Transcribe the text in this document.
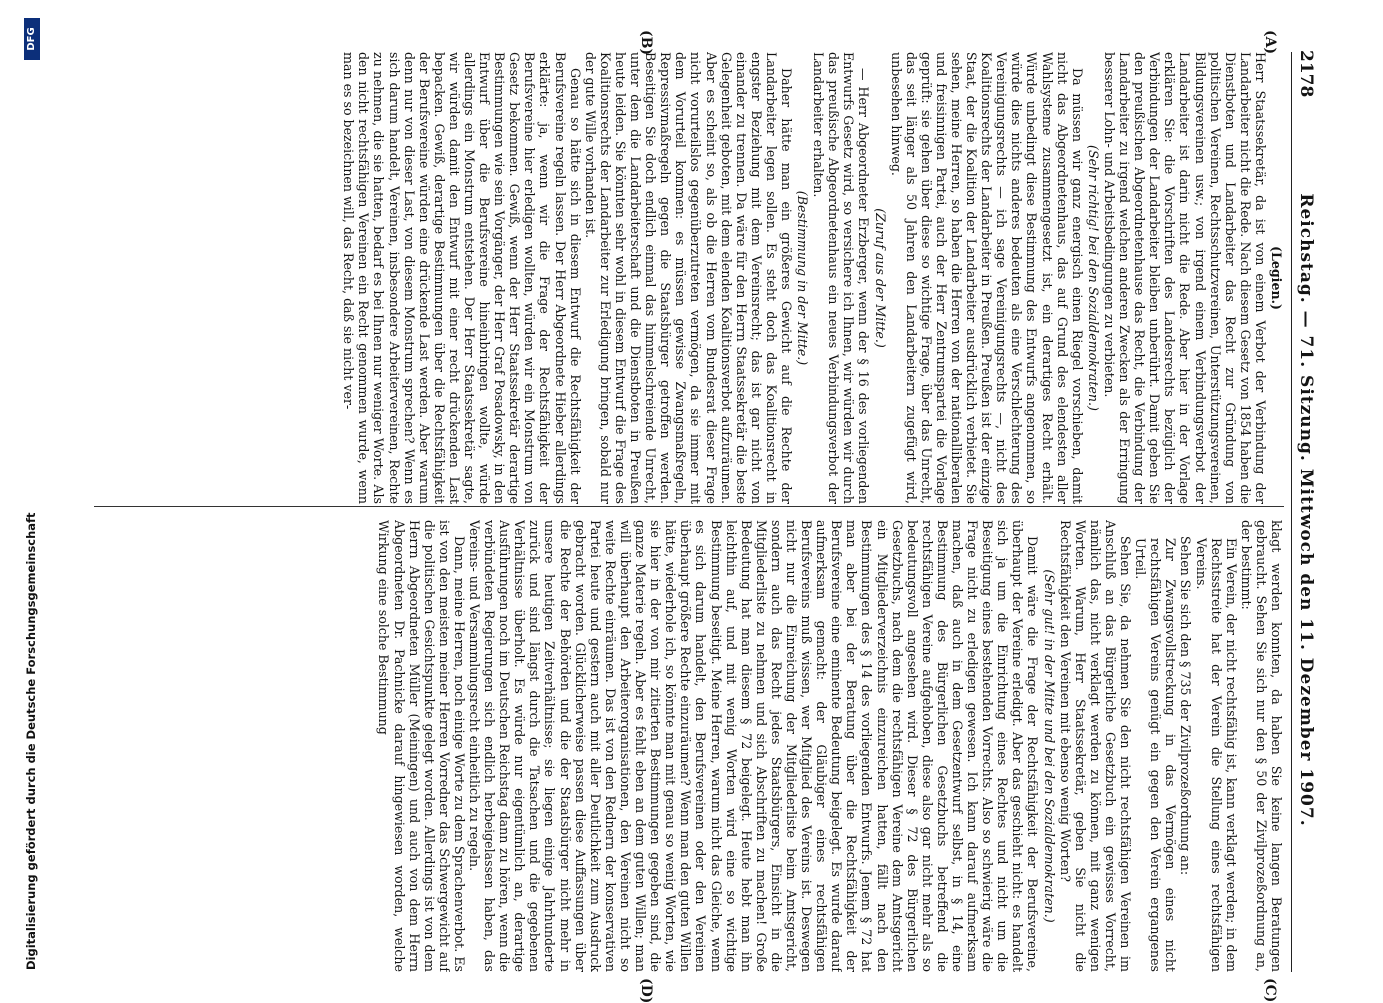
2178
Reichstag. — 71. Sitzung. Mittwoch den 11. Dezember 1907.
(A)
(B)
(C)
(D)

(Legien.)

Herr Staatssekretär, da ist von einem Verbot der Verbindung der Landarbeiter nicht die Rede. Nach diesem Gesetz von 1854 haben die Dienstboten und Landarbeiter das Recht zur Gründung von politischen Vereinen, Rechtsschutzvereinen, Unterstützungsvereinen, Bildungsvereinen usw.; von irgend einem Verbindungsverbot der Landarbeiter ist darin nicht die Rede. Aber hier in der Vorlage erklären Sie: die Vorschriften des Landesrechts bezüglich der Verbindungen der Landarbeiter bleiben unberührt. Damit geben Sie den preußischen Abgeordnetenhause das Recht, die Verbindung der Landarbeiter zu irgend welchen anderen Zwecken als der Erringung besserer Lohn- und Arbeitsbedingungen zu verbieten.

(Sehr richtig! bei den Sozialdemokraten.)

Da müssen wir ganz energisch einen Riegel vorschieben, damit nicht das Abgeordnetenhaus, das auf Grund des elendesten aller Wahlsysteme zusammengesetzt ist, ein derartiges Recht erhält. Würde unbedingt diese Bestimmung des Entwurfs angenommen, so würde dies nichts anderes bedeuten als eine Verschlechterung des Vereinigungsrechts — ich sage Vereinigungsrechts —, nicht des Koalitionsrechts der Landarbeiter in Preußen. Preußen ist der einzige Staat, der die Koalition der Landarbeiter ausdrücklich verbietet. Sie sehen, meine Herren, so haben die Herren von der nationalliberalen und freisinnigen Partei, auch der Herr Zentrumspartei die Vorlage geprüft: sie gehen über diese so wichtige Frage, über das Unrecht, das seit länger als 50 Jahren den Landarbeitern zugefügt wird, unbesehen hinweg.

(Zuruf aus der Mitte.)

— Herr Abgeordneter Erzberger, wenn der § 16 des vorliegenden Entwurfs Gesetz wird, so versichere ich Ihnen, wir würden wir durch das preußische Abgeordnetenhaus ein neues Verbindungsverbot der Landarbeiter erhalten.

(Bestimmung in der Mitte.)

Daher hätte man ein größeres Gewicht auf die Rechte der Landarbeiter legen sollen. Es steht doch das Koalitionsrecht in engster Beziehung mit dem Vereinsrecht; das ist gar nicht von einander zu trennen. Da wäre für den Herrn Staatssekretär die beste Gelegenheit geboten, mit dem elenden Koalitionsverbot aufzuräumen. Aber es scheint so, als ob die Herren vom Bundesrat dieser Frage nicht vorurteilslos gegenüberzutreten vermögen, da sie immer mit dem Vorurteil kommen: es müssen gewisse Zwangsmaßregeln, Repressivmaßregeln gegen die Staatsbürger getroffen werden. Beseitigen Sie doch endlich einmal das himmelschreiende Unrecht, unter dem die Landarbeiterschaft und die Dienstboten in Preußen heute leiden. Sie könnten sehr wohl in diesem Entwurf die Frage des Koalitionsrechts der Landarbeiter zur Erledigung bringen, sobald nur der gute Wille vorhanden ist.

Genau so hätte sich in diesem Entwurf die Rechtsfähigkeit der Berufsvereine regeln lassen. Der Herr Abgeordnete Hieber allerdings erklärte: ja, wenn wir die Frage der Rechtsfähigkeit der Berufsvereine hier erledigen wollten, würden wir ein Monstrum von Gesetz bekommen. Gewiß, wenn der Herr Staatssekretär derartige Bestimmungen wie sein Vorgänger, der Herr Graf Posadowsky, in den Entwurf über die Berufsvereine hineinbringen wollte, würde allerdings ein Monstrum entstehen. Der Herr Staatssekretär sagte, wir würden damit den Entwurf mit einer recht drückenden Last bepacken. Gewiß, derartige Bestimmungen über die Rechtsfähigkeit der Berufsvereine würden eine drückende Last werden. Aber warum denn nur von dieser Last, von diesem Monstrum sprechen? Wenn es sich darum handelt, Vereinen, insbesondere Arbeitervereinen, Rechte zu nehmen, die sie hatten, bedarf es bei Ihnen nur weniger Worte. Als den nicht rechtsfähigen Vereinen ein Recht genommen wurde, wenn man es so bezeichnen will, das Recht, daß sie nicht ver-

klagt werden konnten, da haben Sie keine langen Beratungen gebraucht. Sehen Sie sich nur den § 50 der Zivilprozeßordnung an, der bestimmt:

Ein Verein, der nicht rechtsfähig ist, kann verklagt werden; in dem Rechtsstreite hat der Verein die Stellung eines rechtsfähigen Vereins.

Sehen Sie sich den § 735 der Zivilprozeßordnung an:

Zur Zwangsvollstreckung in das Vermögen eines nicht rechtsfähigen Vereins genügt ein gegen den Verein ergangenes Urteil.

Sehen Sie, da nehmen Sie den nicht rechtsfähigen Vereinen im Anschluß an das Bürgerliche Gesetzbuch ein gewisses Vorrecht, nämlich das, nicht verklagt werden zu können, mit ganz wenigen Worten. Warum, Herr Staatssekretär, geben Sie nicht die Rechtsfähigkeit den Vereinen mit ebenso wenig Worten?

(Sehr gut! in der Mitte und bei den Sozialdemokraten.)

Damit wäre die Frage der Rechtsfähigkeit der Berufsvereine, überhaupt der Vereine erledigt. Aber das geschieht nicht: es handelt sich ja um die Einrichtung eines Rechtes und nicht um die Beseitigung eines bestehenden Vorrechts. Also so schwierig wäre die Frage nicht zu erledigen gewesen. Ich kann darauf aufmerksam machen, daß auch in dem Gesetzentwurf selbst, in § 14, eine Bestimmung des Bürgerlichen Gesetzbuchs betreffend die rechtsfähigen Vereine aufgehoben, diese also gar nicht mehr als so bedeutungsvoll angesehen wird. Dieser § 72 des Bürgerlichen Gesetzbuchs, nach dem die rechtsfähigen Vereine dem Amtsgericht ein Mitgliederverzeichnis einzureichen hatten, fällt nach den Bestimmungen des § 14 des vorliegenden Entwurfs. Jenem § 72 hat man aber bei der Beratung über die Rechtsfähigkeit der Berufsvereine eine eminente Bedeutung beigelegt. Es wurde darauf aufmerksam gemacht: der Gläubiger eines rechtsfähigen Berufsvereins muß wissen, wer Mitglied des Vereins ist. Deswegen nicht nur die Einreichung der Mitgliederliste beim Amtsgericht, sondern auch das Recht jedes Staatsbürgers, Einsicht in die Mitgliederliste zu nehmen und sich Abschriften zu machen! Große Bedeutung hat man diesem § 72 beigelegt. Heute hebt man ihn leichthin auf, und mit wenig Worten wird eine so wichtige Bestimmung beseitigt. Meine Herren, warum nicht das Gleiche, wenn es sich darum handelt, den Berufsvereinen oder den Vereinen überhaupt größere Rechte einzuräumen? Wenn man den guten Willen hätte, wiederhole ich, so könnte man mit genau so wenig Worten, wie sie hier in der von mir zitierten Bestimmungen gegeben sind, die ganze Materie regeln. Aber es fehlt eben an dem guten Willen; man will überhaupt den Arbeiterorganisationen, den Vereinen nicht so weite Rechte einräumen. Das ist von den Rednern der konservativen Partei heute und gestern auch mit aller Deutlichkeit zum Ausdruck gebracht worden. Glücklicherweise passen diese Auffassungen über die Rechte der Behörden und die der Staatsbürger nicht mehr in unsere heutigen Zeitverhältnisse; sie liegen einige Jahrhunderte zurück und sind längst durch die Tatsachen und die gegebenen Verhältnisse überholt. Es würde nur eigentümlich an, derartige Ausführungen noch im Deutschen Reichstag dann zu hören, wenn die verbündeten Regierungen sich endlich herbeigelassen haben, das Vereins- und Versammlungsrecht einheitlich zu regeln.

Dann, meine Herren, noch einige Worte zu dem Sprachenverbot. Es ist von den meisten meiner Herren Vorredner das Schwergewicht auf die politischen Gesichtspunkte gelegt worden. Allerdings ist von dem Herrn Abgeordneten Müller (Meiningen) und auch von dem Herrn Abgeordneten Dr. Pachnicke darauf hingewiesen worden, welche Wirkung eine solche Bestimmung

DFG
Digitalisierung gefördert durch die Deutsche Forschungsgemeinschaft
